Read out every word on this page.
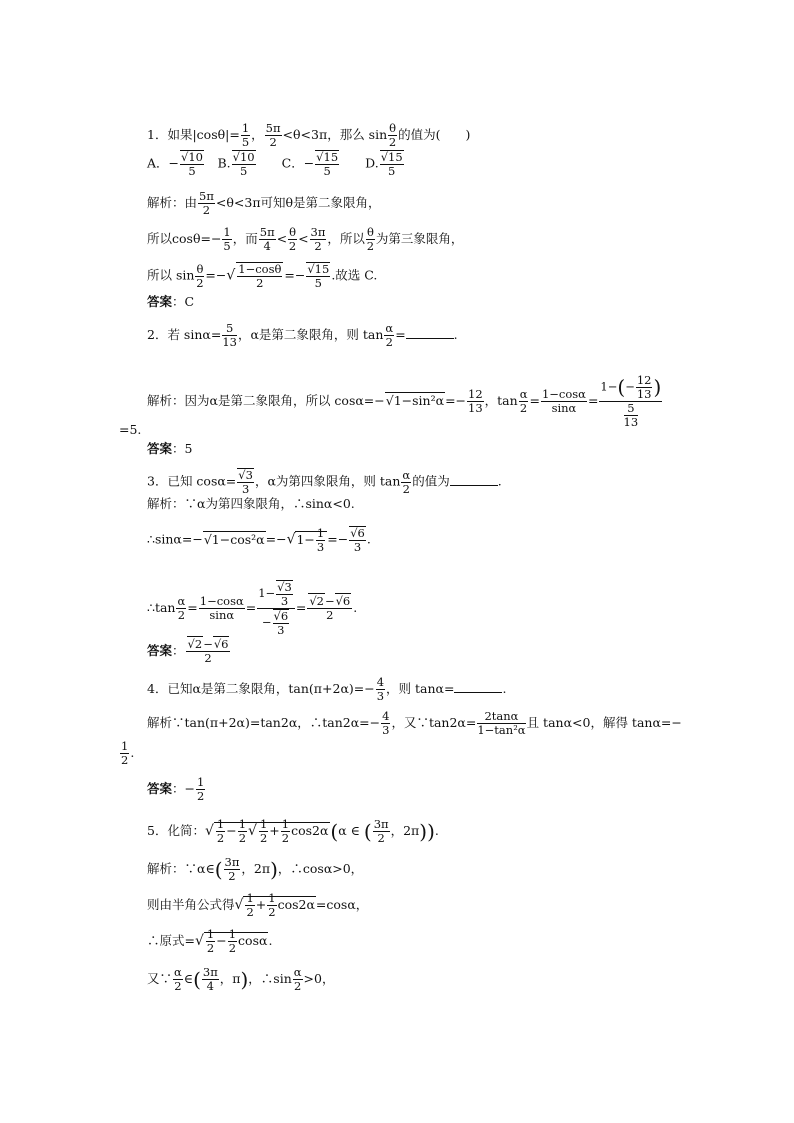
1．如果$|\cos\theta|= \frac{1}{5}$ ， $\frac{5\pi}{2} <\theta<3\pi$，那么 $\sin \frac{\theta}{2}$ 的值为(　　)
A．− $\frac{√10}{5}$ 　B. $\frac{√10}{5}$ 　　C．− $\frac{√15}{5}$ 　　D. $\frac{√15}{5}$
解析：由 $\frac{5\pi}{2} <\theta<3\pi$可知θ是第二象限角，
所以$\cos\theta=- \frac{1}{5}$ ，而 $\frac{5\pi}{4} < \frac{\theta}{2} < \frac{3\pi}{2}$ ，所以 $\frac{\theta}{2}$ 为第三象限角，
所以 $\sin \frac{\theta}{2}$ =−√ $\frac{1-\cos\theta}{2} =- \frac{√15}{5}$ .故选 C.
答案：C
2．若 $\sin\alpha= \frac{5}{13}$ ，α是第二象限角，则 $\tan \frac{\alpha}{2}$ =	.
解析：因为α是第二象限角，所以 $\cos\alpha=-√1-\sin^2\alpha=- \frac{12}{13}$ ，$\tan \frac{\alpha}{2} = \frac{1-\cos\alpha}{\sin\alpha} = \frac{1-(- \frac{12}{13} )}{\frac{5}{13}}$
=5.
答案：5
3．已知 $\cos\alpha= \frac{√3}{3}$ ，α为第四象限角，则 $\tan \frac{\alpha}{2}$ 的值为	.
解析：∵α为第四象限角，∴sinα<0.
∴sinα=−√1−cos²α=−√1− $\frac{1}{3} =- \frac{√6}{3}$ .
∴tan $\frac{\alpha}{2} = \frac{1-\cos\alpha}{\sin\alpha} = \frac{1- \frac{√3}{3}}{- \frac{√6}{3}} = \frac{√2-√6}{2}$ .
答案： $\frac{√2-√6}{2}$
4．已知α是第二象限角，$\tan(\pi+2\alpha)=- \frac{4}{3}$ ，则 tanα=	.
解析∵tan(π+2α)=tan2α，∴tan2α=− $\frac{4}{3}$ ，又∵tan2α= $\frac{2\tan\alpha}{\text{1−tan²α}}$ 且 tanα<0，解得 tanα=−
$\frac{1}{2}$ .
答案：− $\frac{1}{2}$
5．化简：√ $\frac{1}{2} - \frac{1}{2}$ √ $\frac{1}{2} + \frac{1}{2} \cos 2\alpha$ (α ∈ ( $\frac{3\pi}{2}$ ，2π)).
解析：∵α∈( $\frac{3\pi}{2}$ ，2π)，∴cosα>0，
则由半角公式得√ $\frac{1}{2} + \frac{1}{2} \cos 2\alpha=\cos\alpha$，
∴原式=√ $\frac{1}{2} - \frac{1}{2} \cos\alpha$.
又∵ $\frac{\alpha}{2}$ ∈( $\frac{3\pi}{4}$ ，π)，∴sin $\frac{\alpha}{2} >0$，
